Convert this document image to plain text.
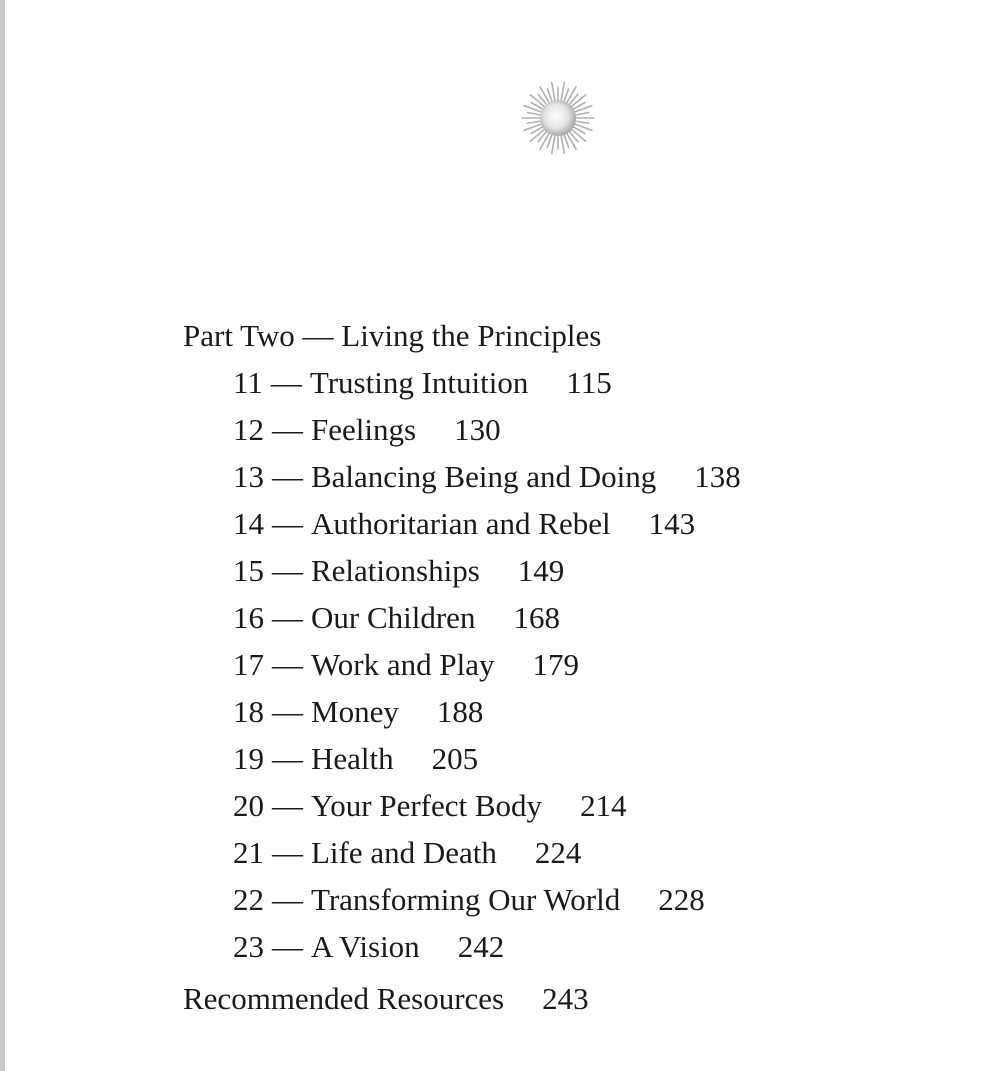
Part Two — Living the Principles
11 — Trusting Intuition 115
12 — Feelings 130
13 — Balancing Being and Doing 138
14 — Authoritarian and Rebel 143
15 — Relationships 149
16 — Our Children 168
17 — Work and Play 179
18 — Money 188
19 — Health 205
20 — Your Perfect Body 214
21 — Life and Death 224
22 — Transforming Our World 228
23 — A Vision 242
Recommended Resources 243
